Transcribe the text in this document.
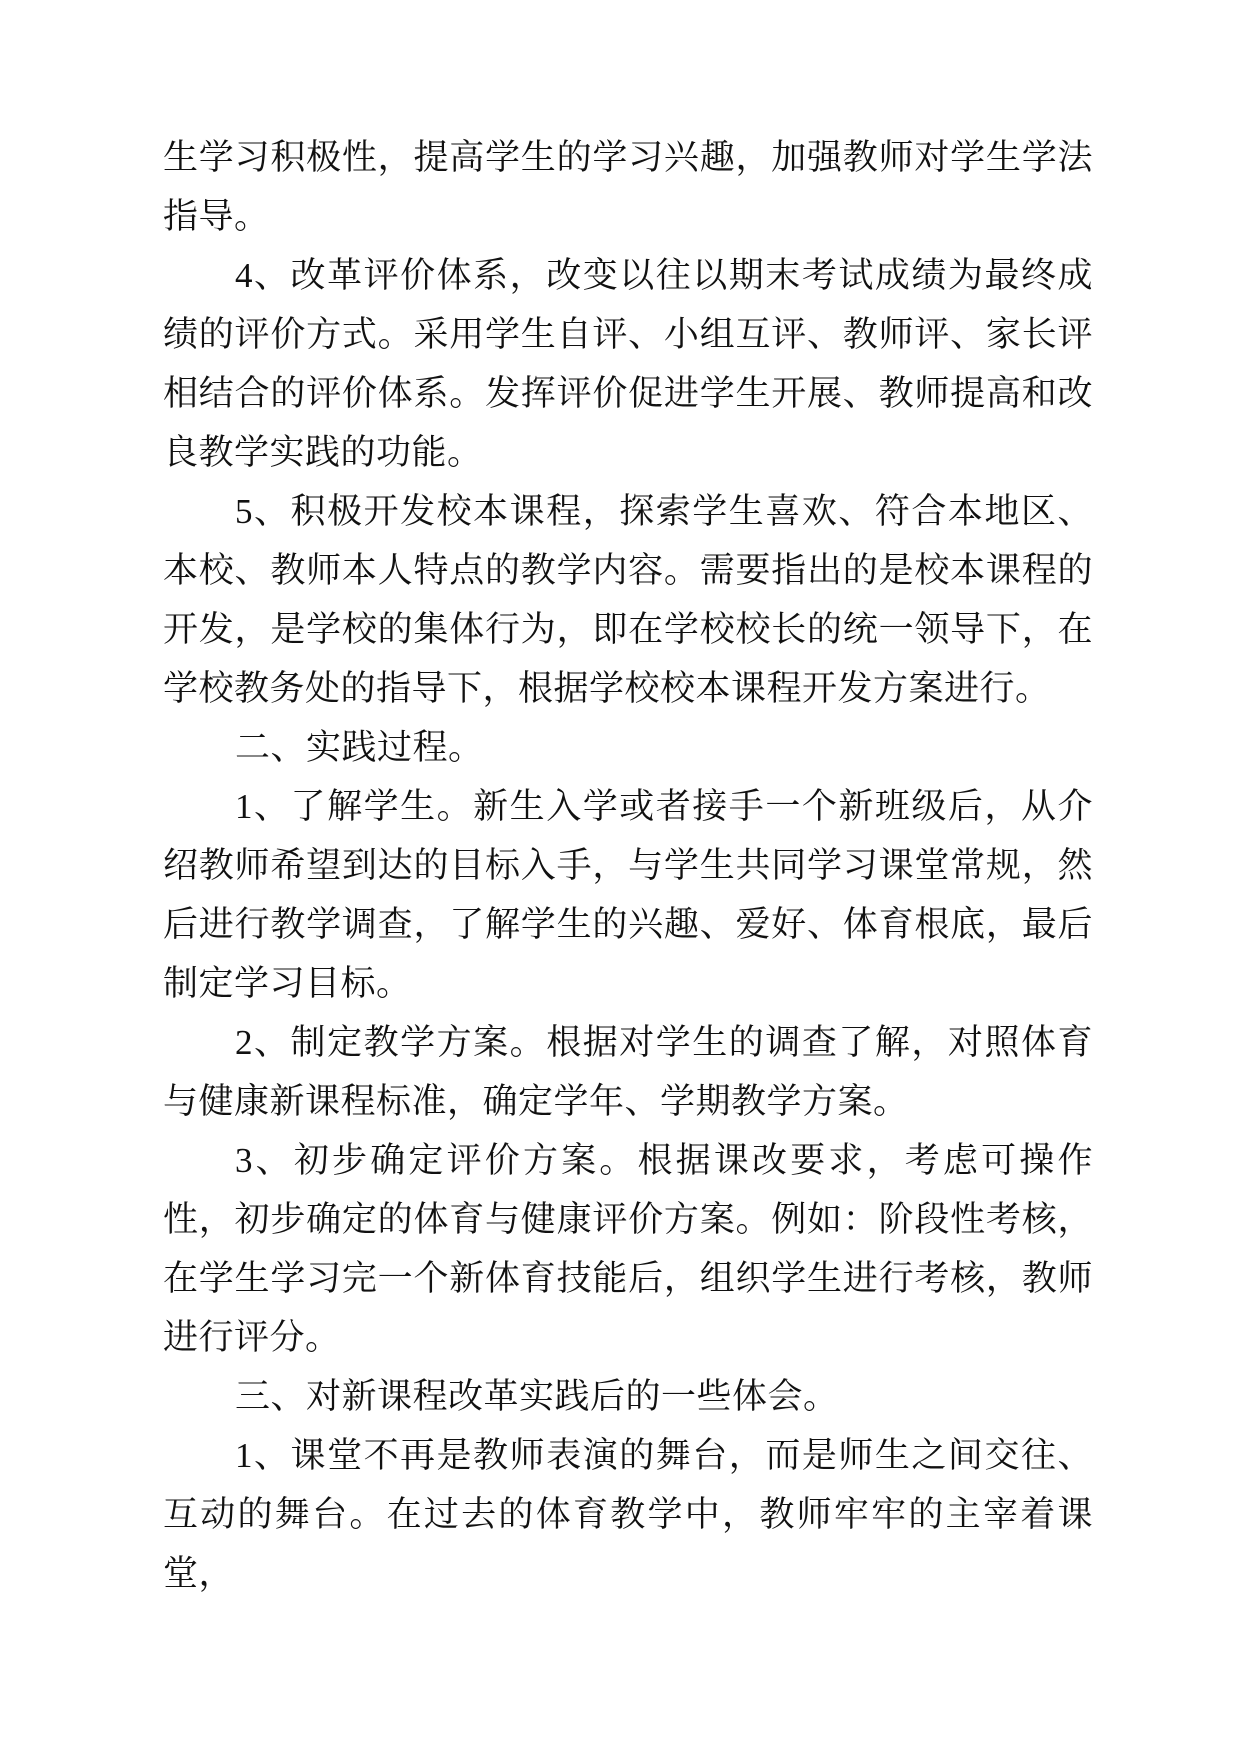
生学习积极性，提高学生的学习兴趣，加强教师对学生学法指导。

4、改革评价体系，改变以往以期末考试成绩为最终成绩的评价方式。采用学生自评、小组互评、教师评、家长评相结合的评价体系。发挥评价促进学生开展、教师提高和改良教学实践的功能。

5、积极开发校本课程，探索学生喜欢、符合本地区、本校、教师本人特点的教学内容。需要指出的是校本课程的开发，是学校的集体行为，即在学校校长的统一领导下，在学校教务处的指导下，根据学校校本课程开发方案进行。

二、实践过程。

1、了解学生。新生入学或者接手一个新班级后，从介绍教师希望到达的目标入手，与学生共同学习课堂常规，然后进行教学调查，了解学生的兴趣、爱好、体育根底，最后制定学习目标。

2、制定教学方案。根据对学生的调查了解，对照体育与健康新课程标准，确定学年、学期教学方案。

3、初步确定评价方案。根据课改要求，考虑可操作性，初步确定的体育与健康评价方案。例如：阶段性考核，在学生学习完一个新体育技能后，组织学生进行考核，教师进行评分。

三、对新课程改革实践后的一些体会。

1、课堂不再是教师表演的舞台，而是师生之间交往、互动的舞台。在过去的体育教学中，教师牢牢的主宰着课堂，
